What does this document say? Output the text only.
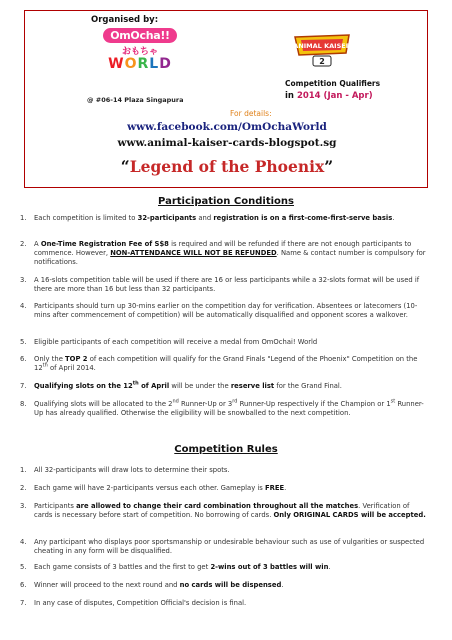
Organised by:
OmOcha!!
おもちゃ
WORLD
@ #06-14 Plaza Singapura
ANIMAL KAISER
2
Competition Qualifiers
in 2014 (Jan - Apr)
For details:
www.facebook.com/OmOchaWorld
www.animal-kaiser-cards-blogspot.sg
“Legend of the Phoenix”
Participation Conditions
1.	Each competition is limited to 32-participants and registration is on a first-come-first-serve basis.
2.	A One-Time Registration Fee of S$8 is required and will be refunded if there are not enough participants to commence. However, NON-ATTENDANCE WILL NOT BE REFUNDED. Name & contact number is compulsory for notifications.
3.	A 16-slots competition table will be used if there are 16 or less participants while a 32-slots format will be used if there are more than 16 but less than 32 participants.
4.	Participants should turn up 30-mins earlier on the competition day for verification. Absentees or latecomers (10-mins after commencement of competition) will be automatically disqualified and opponent scores a walkover.
5.	Eligible participants of each competition will receive a medal from OmOchai! World
6.	Only the TOP 2 of each competition will qualify for the Grand Finals "Legend of the Phoenix" Competition on the 12th of April 2014.
7.	Qualifying slots on the 12th of April will be under the reserve list for the Grand Final.
8.	Qualifying slots will be allocated to the 2nd Runner-Up or 3rd Runner-Up respectively if the Champion or 1st Runner-Up has already qualified. Otherwise the eligibility will be snowballed to the next competition.
Competition Rules
1.	All 32-participants will draw lots to determine their spots.
2.	Each game will have 2-participants versus each other. Gameplay is FREE.
3.	Participants are allowed to change their card combination throughout all the matches. Verification of cards is necessary before start of competition. No borrowing of cards. Only ORIGINAL CARDS will be accepted.
4.	Any participant who displays poor sportsmanship or undesirable behaviour such as use of vulgarities or suspected cheating in any form will be disqualified.
5.	Each game consists of 3 battles and the first to get 2-wins out of 3 battles will win.
6.	Winner will proceed to the next round and no cards will be dispensed.
7.	In any case of disputes, Competition Official's decision is final.
